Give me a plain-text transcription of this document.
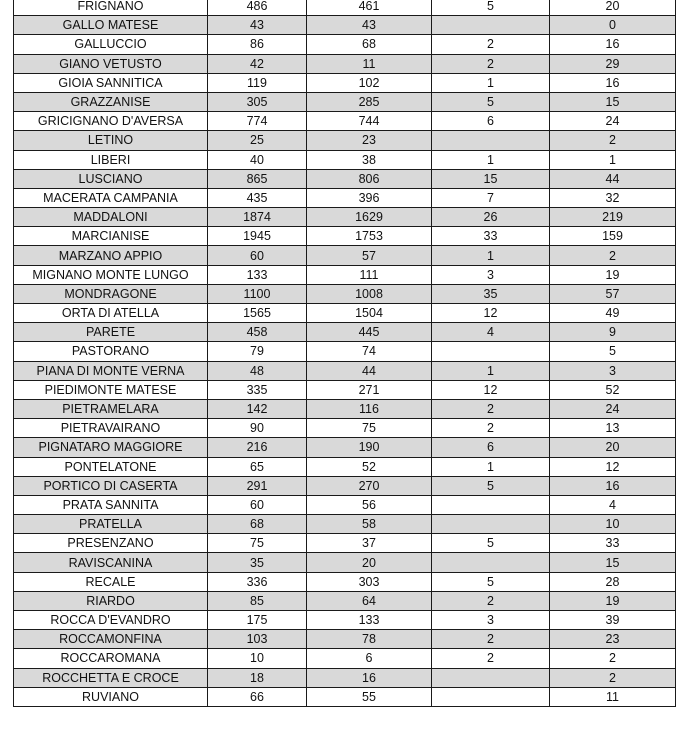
FRIGNANO	486	461	5	20
GALLO MATESE	43	43		0
GALLUCCIO	86	68	2	16
GIANO VETUSTO	42	11	2	29
GIOIA SANNITICA	119	102	1	16
GRAZZANISE	305	285	5	15
GRICIGNANO D'AVERSA	774	744	6	24
LETINO	25	23		2
LIBERI	40	38	1	1
LUSCIANO	865	806	15	44
MACERATA CAMPANIA	435	396	7	32
MADDALONI	1874	1629	26	219
MARCIANISE	1945	1753	33	159
MARZANO APPIO	60	57	1	2
MIGNANO MONTE LUNGO	133	111	3	19
MONDRAGONE	1100	1008	35	57
ORTA DI ATELLA	1565	1504	12	49
PARETE	458	445	4	9
PASTORANO	79	74		5
PIANA DI MONTE VERNA	48	44	1	3
PIEDIMONTE MATESE	335	271	12	52
PIETRAMELARA	142	116	2	24
PIETRAVAIRANO	90	75	2	13
PIGNATARO MAGGIORE	216	190	6	20
PONTELATONE	65	52	1	12
PORTICO DI CASERTA	291	270	5	16
PRATA SANNITA	60	56		4
PRATELLA	68	58		10
PRESENZANO	75	37	5	33
RAVISCANINA	35	20		15
RECALE	336	303	5	28
RIARDO	85	64	2	19
ROCCA D'EVANDRO	175	133	3	39
ROCCAMONFINA	103	78	2	23
ROCCAROMANA	10	6	2	2
ROCCHETTA E CROCE	18	16		2
RUVIANO	66	55		11
